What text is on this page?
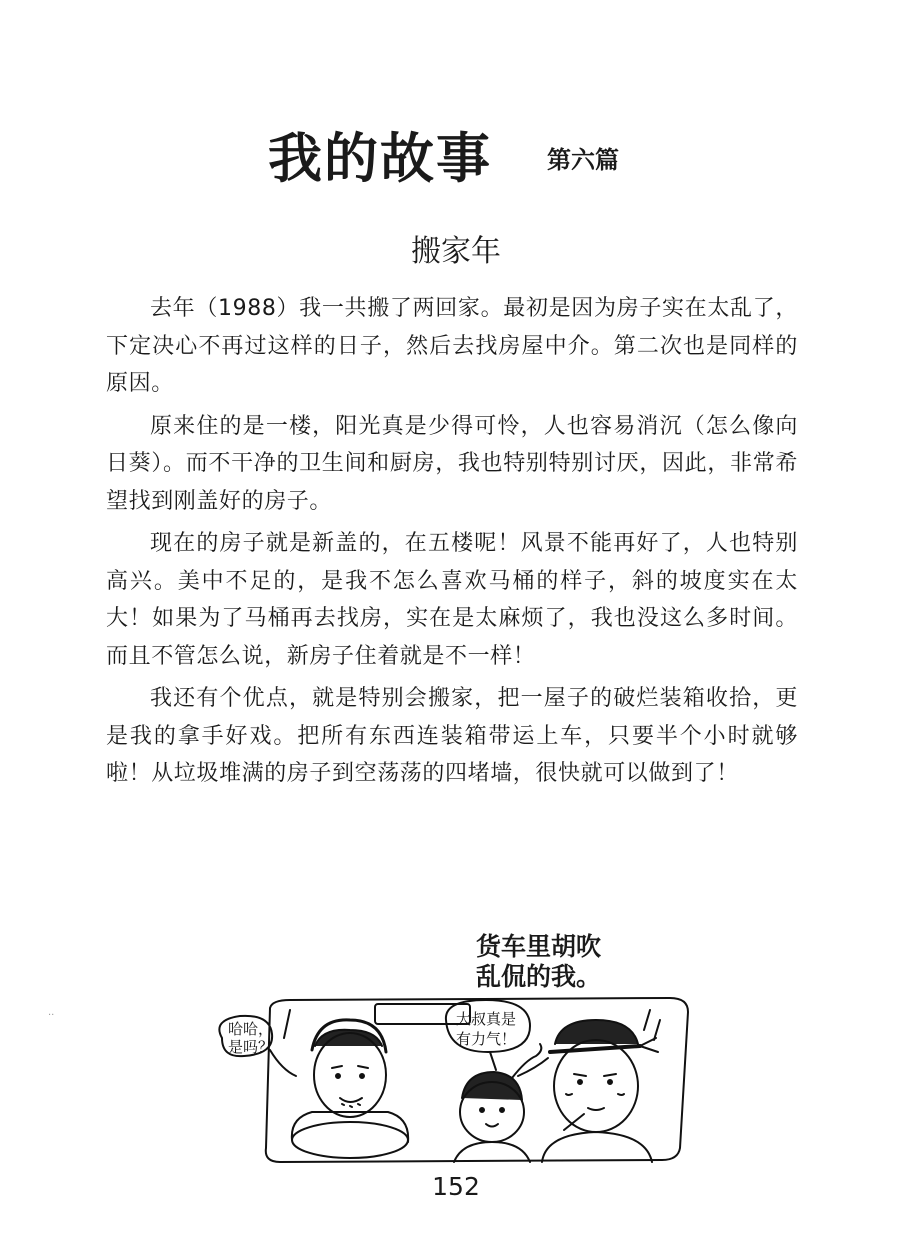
我的故事 第六篇
搬家年

去年（1988）我一共搬了两回家。最初是因为房子实在太乱了，下定决心不再过这样的日子，然后去找房屋中介。第二次也是同样的原因。

原来住的是一楼，阳光真是少得可怜，人也容易消沉（怎么像向日葵）。而不干净的卫生间和厨房，我也特别特别讨厌，因此，非常希望找到刚盖好的房子。

现在的房子就是新盖的，在五楼呢！风景不能再好了，人也特别高兴。美中不足的，是我不怎么喜欢马桶的样子，斜的坡度实在太大！如果为了马桶再去找房，实在是太麻烦了，我也没这么多时间。而且不管怎么说，新房子住着就是不一样！

我还有个优点，就是特别会搬家，把一屋子的破烂装箱收拾，更是我的拿手好戏。把所有东西连装箱带运上车，只要半个小时就够啦！从垃圾堆满的房子到空荡荡的四堵墙，很快就可以做到了！

货车里胡吹
乱侃的我。
··
哈哈，
是吗？
大叔真是
有力气！
152
